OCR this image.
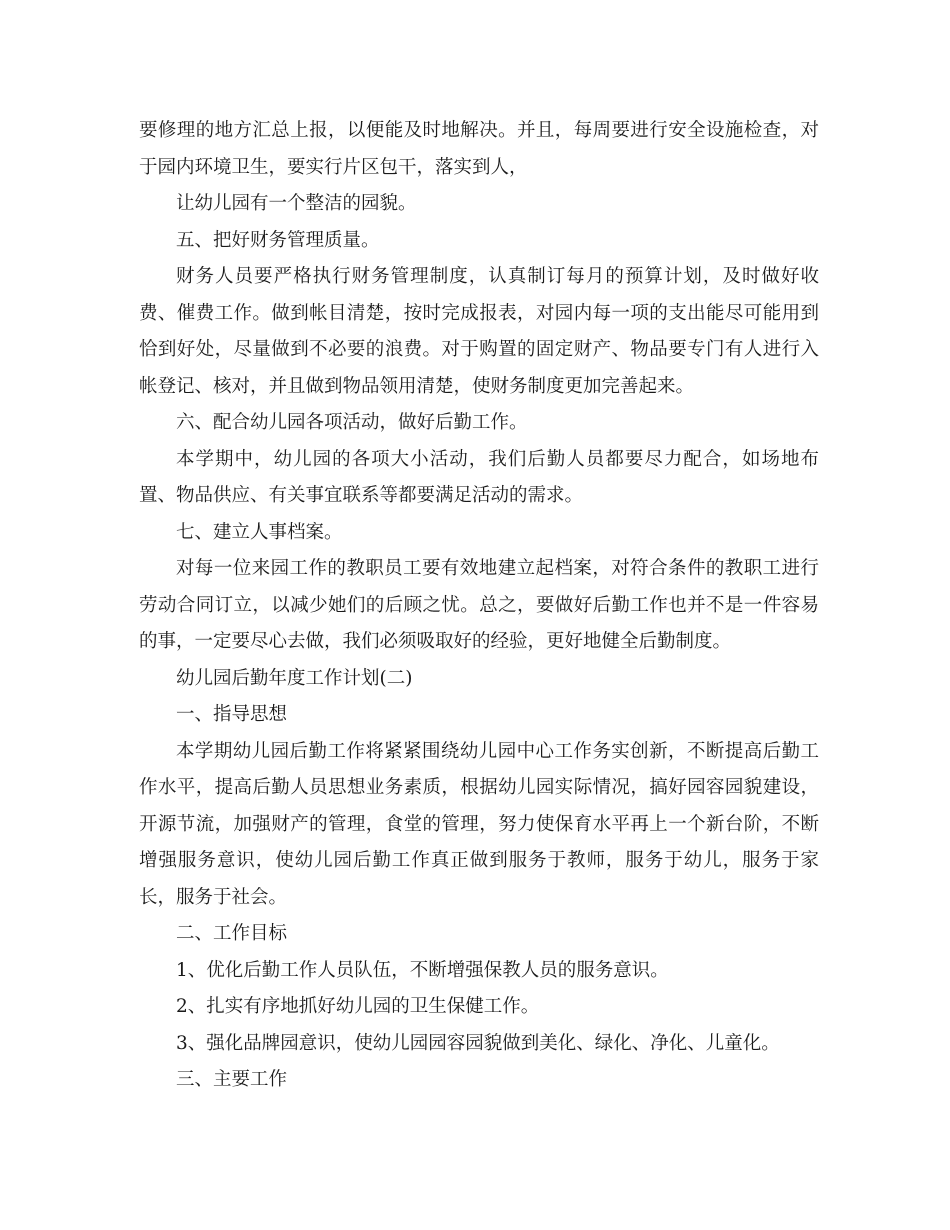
要修理的地方汇总上报，以便能及时地解决。并且，每周要进行安全设施检查，对于园内环境卫生，要实行片区包干，落实到人，

让幼儿园有一个整洁的园貌。

五、把好财务管理质量。

财务人员要严格执行财务管理制度，认真制订每月的预算计划，及时做好收费、催费工作。做到帐目清楚，按时完成报表，对园内每一项的支出能尽可能用到恰到好处，尽量做到不必要的浪费。对于购置的固定财产、物品要专门有人进行入帐登记、核对，并且做到物品领用清楚，使财务制度更加完善起来。

六、配合幼儿园各项活动，做好后勤工作。

本学期中，幼儿园的各项大小活动，我们后勤人员都要尽力配合，如场地布置、物品供应、有关事宜联系等都要满足活动的需求。

七、建立人事档案。

对每一位来园工作的教职员工要有效地建立起档案，对符合条件的教职工进行劳动合同订立，以减少她们的后顾之忧。总之，要做好后勤工作也并不是一件容易的事，一定要尽心去做，我们必须吸取好的经验，更好地健全后勤制度。

幼儿园后勤年度工作计划(二)

一、指导思想

本学期幼儿园后勤工作将紧紧围绕幼儿园中心工作务实创新，不断提高后勤工作水平，提高后勤人员思想业务素质，根据幼儿园实际情况，搞好园容园貌建设，开源节流，加强财产的管理，食堂的管理，努力使保育水平再上一个新台阶，不断增强服务意识，使幼儿园后勤工作真正做到服务于教师，服务于幼儿，服务于家长，服务于社会。

二、工作目标

1、优化后勤工作人员队伍，不断增强保教人员的服务意识。

2、扎实有序地抓好幼儿园的卫生保健工作。

3、强化品牌园意识，使幼儿园园容园貌做到美化、绿化、净化、儿童化。

三、主要工作
